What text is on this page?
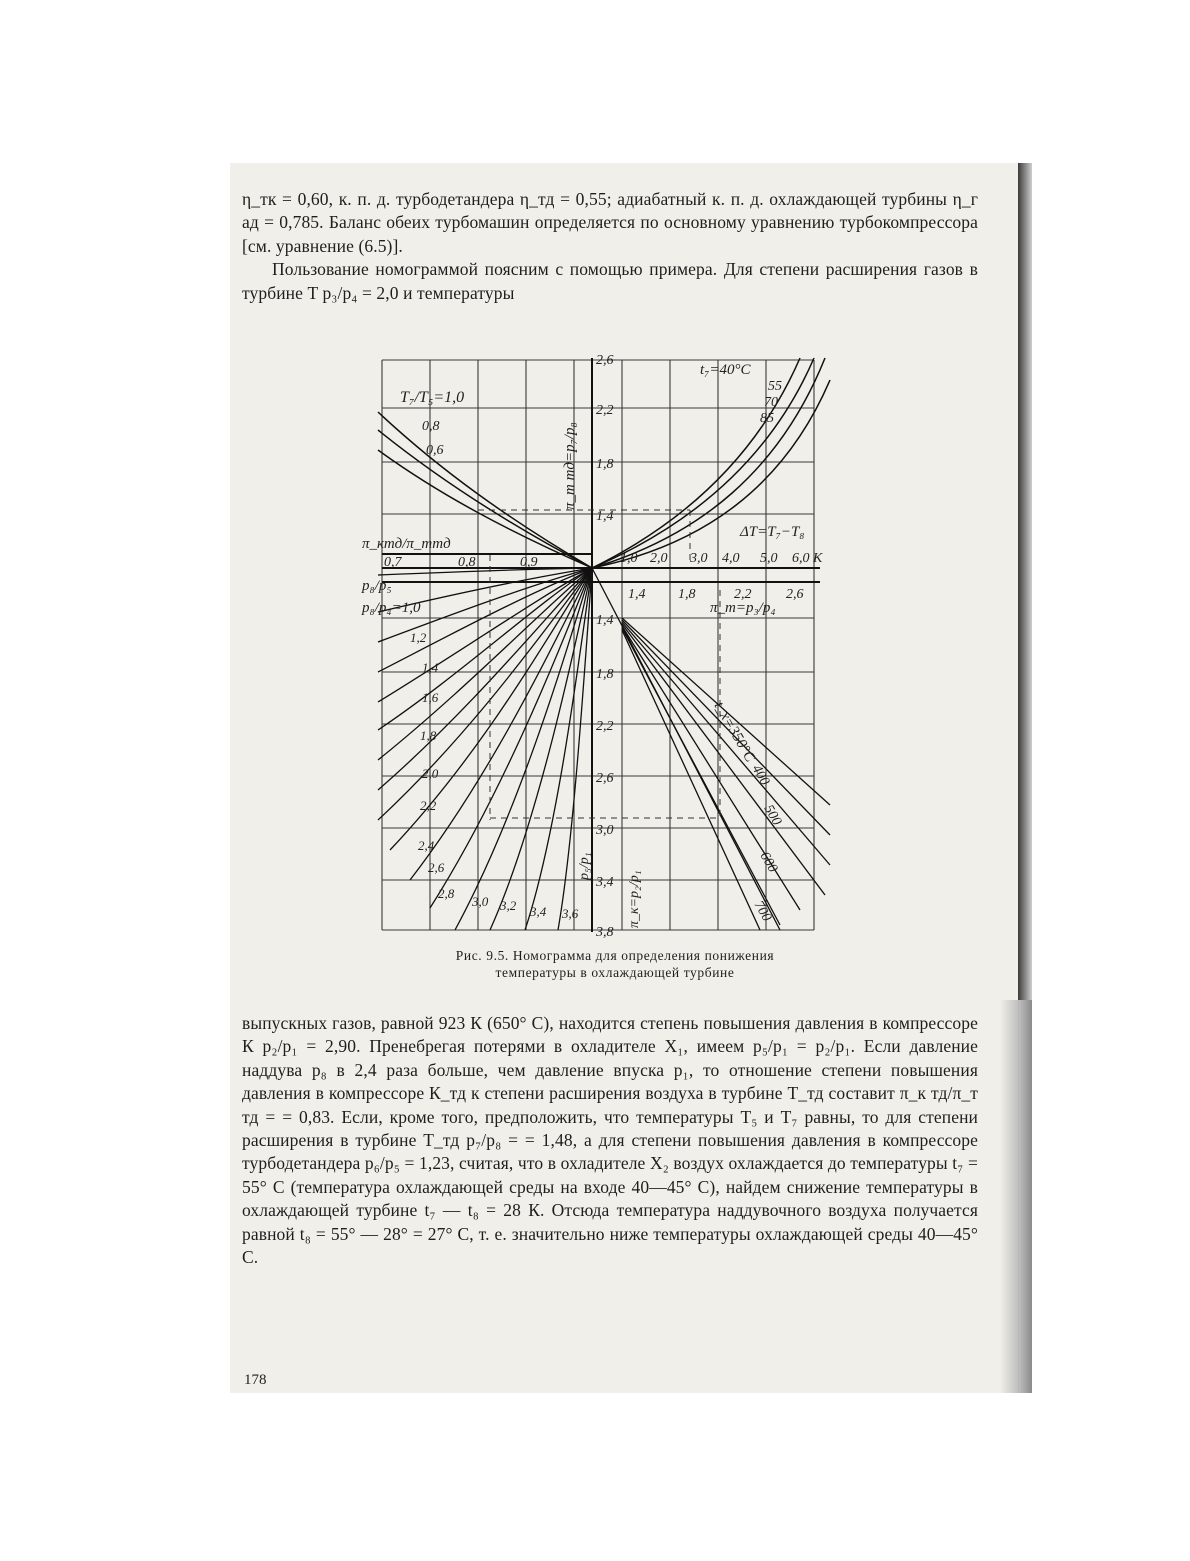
η_тк = 0,60, к. п. д. турбодетандера η_тд = 0,55; адиабатный к. п. д. охлаждающей турбины η_г ад = 0,785. Баланс обеих турбомашин определяется по основному уравнению турбокомпрессора [см. уравнение (6.5)].

Пользование номограммой поясним с помощью примера. Для степени расширения газов в турбине T p₃/p₄ = 2,0 и температуры

T₇/T₅=1,0
0,8
0,6
t₇=40°C
55
70
85
π_т тд=p₇/p₈
π_ктд/π_ттд
ΔT=T₇−T₈
p₈/p₅
p₈/p₄=1,0	π_т=p₃/p₄
p₅/p₁
π_к=p₂/p₁
t_x=350°C
2,6
2,2
1,8
1,4
1,4
1,8
2,2
2,6
3,0
3,4
3,8
0,7	0,8	0,9	1,0 2,0 3,0 4,0 5,0 6,0 K
1,4 1,8	2,2 2,6
1,2
1,4
1,6
1,8
2,0
2,2
2,4
2,6
2,8
3,0 3,2 3,4 3,6
400
500
600
700
Рис. 9.5. Номограмма для определения понижения
температуры в охлаждающей турбине

выпускных газов, равной 923 К (650° С), находится степень повышения давления в компрессоре К p₂/p₁ = 2,90. Пренебрегая потерями в охладителе X₁, имеем p₅/p₁ = p₂/p₁. Если давление наддува p₈ в 2,4 раза больше, чем давление впуска p₁, то отношение степени повышения давления в компрессоре К_тд к степени расширения воздуха в турбине Т_тд составит π_к тд/π_т тд = = 0,83. Если, кроме того, предположить, что температуры T₅ и T₇ равны, то для степени расширения в турбине Т_тд p₇/p₈ = = 1,48, а для степени повышения давления в компрессоре турбодетандера p₆/p₅ = 1,23, считая, что в охладителе X₂ воздух охлаждается до температуры t₇ = 55° С (температура охлаждающей среды на входе 40—45° С), найдем снижение температуры в охлаждающей турбине t₇ — t₈ = 28 К. Отсюда температура наддувочного воздуха получается равной t₈ = 55° — 28° = 27° С, т. е. значительно ниже температуры охлаждающей среды 40—45° С.

178
